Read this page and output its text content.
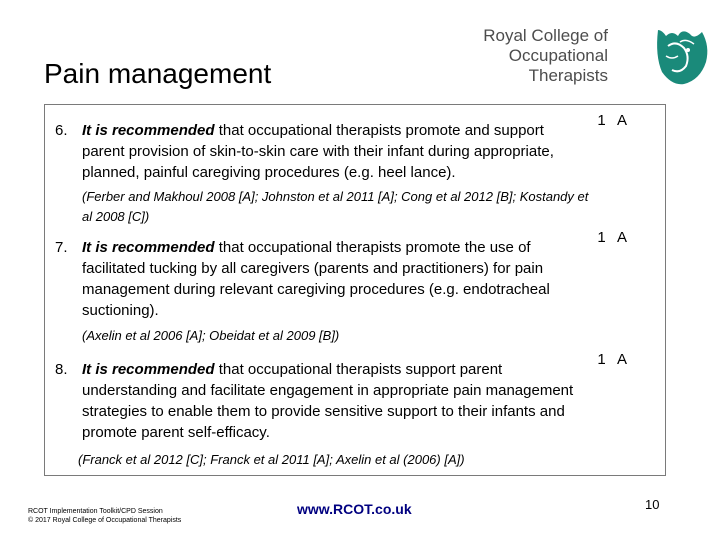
Pain management
Royal College of
Occupational
Therapists
6. It is recommended that occupational therapists promote and support parent provision of skin-to-skin care with their infant during appropriate, planned, painful caregiving procedures (e.g. heel lance).
1 A
(Ferber and Makhoul 2008 [A]; Johnston et al 2011 [A]; Cong et al 2012 [B]; Kostandy et al 2008 [C])
7. It is recommended that occupational therapists promote the use of facilitated tucking by all caregivers (parents and practitioners) for pain management during relevant caregiving procedures (e.g. endotracheal suctioning).
1 A
(Axelin et al 2006 [A]; Obeidat et al 2009 [B])
8. It is recommended that occupational therapists support parent understanding and facilitate engagement in appropriate pain management strategies to enable them to provide sensitive support to their infants and promote parent self-efficacy.
1 A
(Franck et al 2012 [C]; Franck et al 2011 [A]; Axelin et al (2006) [A])
RCOT Implementation Toolkit/CPD Session
© 2017 Royal College of Occupational Therapists
www.RCOT.co.uk	10
